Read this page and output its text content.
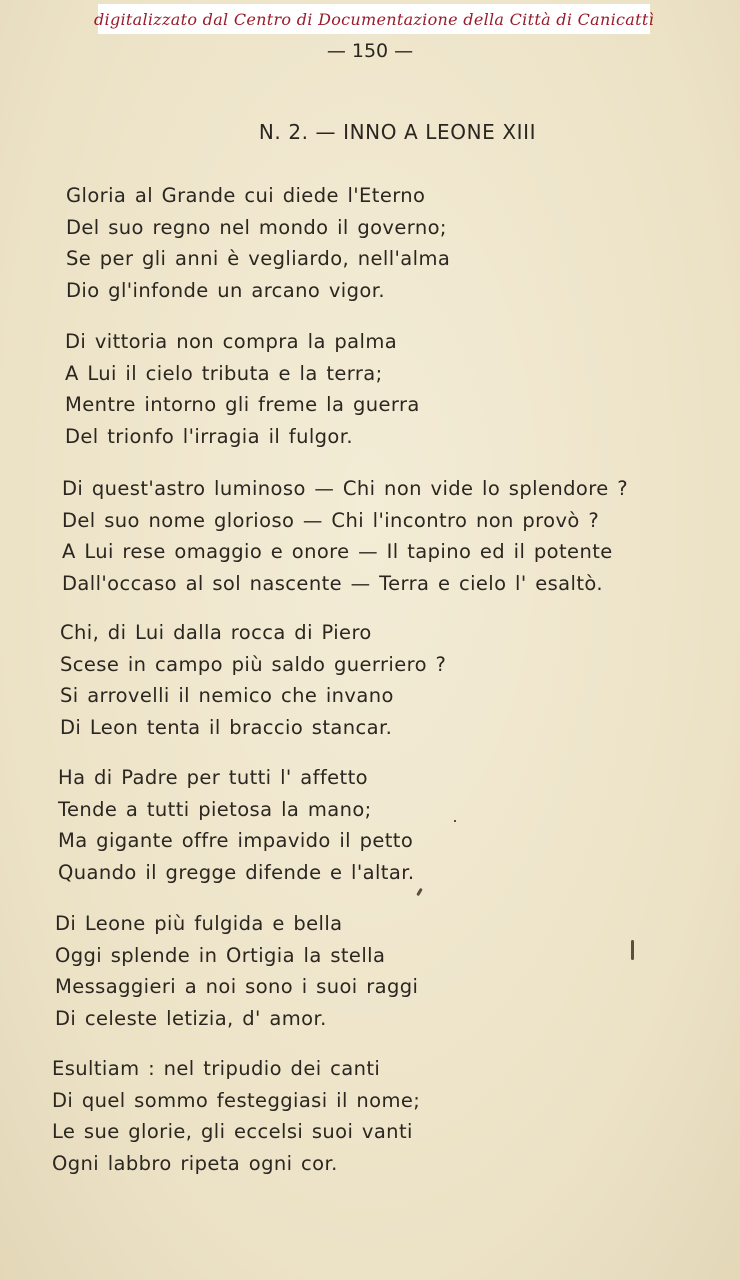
digitalizzato dal Centro di Documentazione della Città di Canicattì
— 150 —
N. 2. — INNO A LEONE XIII
Gloria al Grande cui diede l'Eterno
Del suo regno nel mondo il governo;
Se per gli anni è vegliardo, nell'alma
Dio gl'infonde un arcano vigor.
Di vittoria non compra la palma
A Lui il cielo tributa e la terra;
Mentre intorno gli freme la guerra
Del trionfo l'irragia il fulgor.
Di quest'astro luminoso — Chi non vide lo splendore ?
Del suo nome glorioso — Chi l'incontro non provò ?
A Lui rese omaggio e onore — Il tapino ed il potente
Dall'occaso al sol nascente — Terra e cielo l' esaltò.
Chi, di Lui dalla rocca di Piero
Scese in campo più saldo guerriero ?
Si arrovelli il nemico che invano
Di Leon tenta il braccio stancar.
Ha di Padre per tutti l' affetto
Tende a tutti pietosa la mano;
Ma gigante offre impavido il petto
Quando il gregge difende e l'altar.
Di Leone più fulgida e bella
Oggi splende in Ortigia la stella
Messaggieri a noi sono i suoi raggi
Di celeste letizia, d' amor.
Esultiam : nel tripudio dei canti
Di quel sommo festeggiasi il nome;
Le sue glorie, gli eccelsi suoi vanti
Ogni labbro ripeta ogni cor.
